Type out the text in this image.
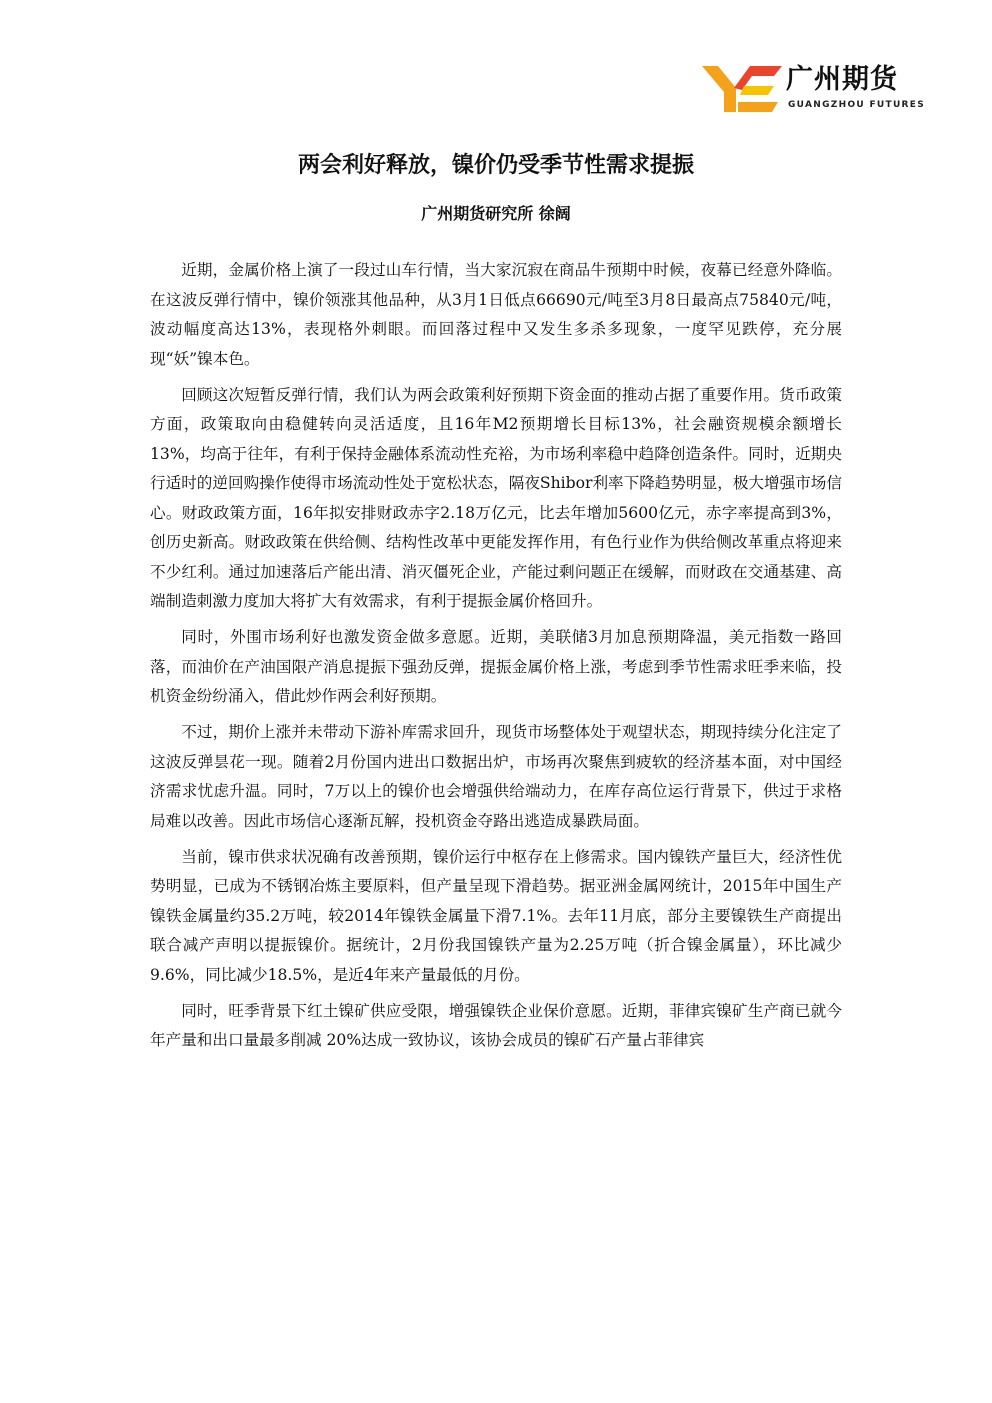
广州期货
GUANGZHOU FUTURES
两会利好释放，镍价仍受季节性需求提振
广州期货研究所 徐阔

近期，金属价格上演了一段过山车行情，当大家沉寂在商品牛预期中时候，夜幕已经意外降临。在这波反弹行情中，镍价领涨其他品种，从3月1日低点66690元/吨至3月8日最高点75840元/吨，波动幅度高达13%，表现格外刺眼。而回落过程中又发生多杀多现象，一度罕见跌停，充分展现“妖”镍本色。

回顾这次短暂反弹行情，我们认为两会政策利好预期下资金面的推动占据了重要作用。货币政策方面，政策取向由稳健转向灵活适度，且16年M2预期增长目标13%，社会融资规模余额增长13%，均高于往年，有利于保持金融体系流动性充裕，为市场利率稳中趋降创造条件。同时，近期央行适时的逆回购操作使得市场流动性处于宽松状态，隔夜Shibor利率下降趋势明显，极大增强市场信心。财政政策方面，16年拟安排财政赤字2.18万亿元，比去年增加5600亿元，赤字率提高到3%，创历史新高。财政政策在供给侧、结构性改革中更能发挥作用，有色行业作为供给侧改革重点将迎来不少红利。通过加速落后产能出清、消灭僵死企业，产能过剩问题正在缓解，而财政在交通基建、高端制造刺激力度加大将扩大有效需求，有利于提振金属价格回升。

同时，外围市场利好也激发资金做多意愿。近期，美联储3月加息预期降温，美元指数一路回落，而油价在产油国限产消息提振下强劲反弹，提振金属价格上涨，考虑到季节性需求旺季来临，投机资金纷纷涌入，借此炒作两会利好预期。

不过，期价上涨并未带动下游补库需求回升，现货市场整体处于观望状态，期现持续分化注定了这波反弹昙花一现。随着2月份国内进出口数据出炉，市场再次聚焦到疲软的经济基本面，对中国经济需求忧虑升温。同时，7万以上的镍价也会增强供给端动力，在库存高位运行背景下，供过于求格局难以改善。因此市场信心逐渐瓦解，投机资金夺路出逃造成暴跌局面。

当前，镍市供求状况确有改善预期，镍价运行中枢存在上修需求。国内镍铁产量巨大，经济性优势明显，已成为不锈钢冶炼主要原料，但产量呈现下滑趋势。据亚洲金属网统计，2015年中国生产镍铁金属量约35.2万吨，较2014年镍铁金属量下滑7.1%。去年11月底，部分主要镍铁生产商提出联合减产声明以提振镍价。据统计，2月份我国镍铁产量为2.25万吨（折合镍金属量），环比减少9.6%，同比减少18.5%，是近4年来产量最低的月份。

同时，旺季背景下红土镍矿供应受限，增强镍铁企业保价意愿。近期，菲律宾镍矿生产商已就今年产量和出口量最多削减 20%达成一致协议，该协会成员的镍矿石产量占菲律宾
